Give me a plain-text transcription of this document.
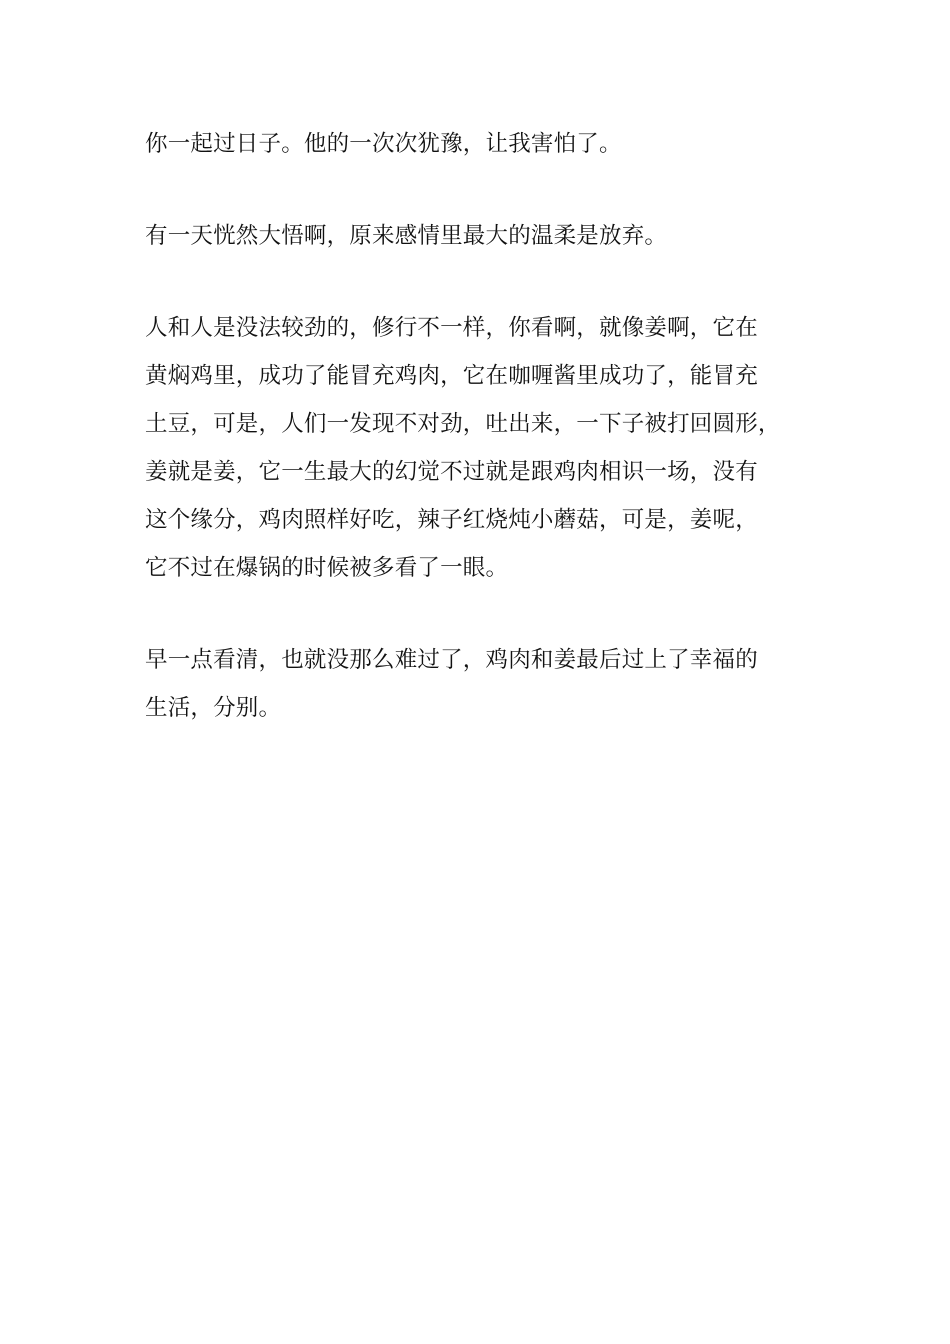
你一起过日子。他的一次次犹豫，让我害怕了。

有一天恍然大悟啊，原来感情里最大的温柔是放弃。

人和人是没法较劲的，修行不一样，你看啊，就像姜啊，它在
黄焖鸡里，成功了能冒充鸡肉，它在咖喱酱里成功了，能冒充
土豆，可是，人们一发现不对劲，吐出来，一下子被打回圆形，
姜就是姜，它一生最大的幻觉不过就是跟鸡肉相识一场，没有
这个缘分，鸡肉照样好吃，辣子红烧炖小蘑菇，可是，姜呢，
它不过在爆锅的时候被多看了一眼。

早一点看清，也就没那么难过了，鸡肉和姜最后过上了幸福的
生活，分别。
